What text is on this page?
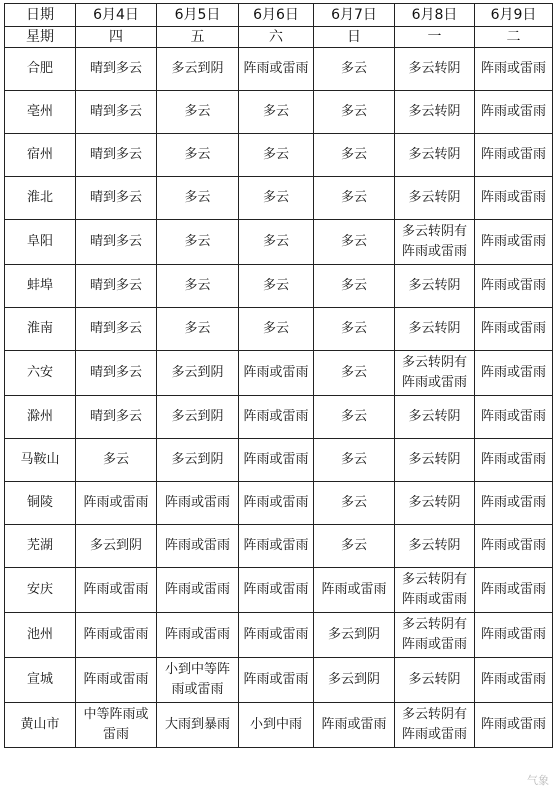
日期	6月4日	6月5日	6月6日	6月7日	6月8日	6月9日
星期	四	五	六	日	一	二
合肥	晴到多云	多云到阴	阵雨或雷雨	多云	多云转阴	阵雨或雷雨
亳州	晴到多云	多云	多云	多云	多云转阴	阵雨或雷雨
宿州	晴到多云	多云	多云	多云	多云转阴	阵雨或雷雨
淮北	晴到多云	多云	多云	多云	多云转阴	阵雨或雷雨
阜阳	晴到多云	多云	多云	多云	多云转阴有阵雨或雷雨	阵雨或雷雨
蚌埠	晴到多云	多云	多云	多云	多云转阴	阵雨或雷雨
淮南	晴到多云	多云	多云	多云	多云转阴	阵雨或雷雨
六安	晴到多云	多云到阴	阵雨或雷雨	多云	多云转阴有阵雨或雷雨	阵雨或雷雨
滁州	晴到多云	多云到阴	阵雨或雷雨	多云	多云转阴	阵雨或雷雨
马鞍山	多云	多云到阴	阵雨或雷雨	多云	多云转阴	阵雨或雷雨
铜陵	阵雨或雷雨	阵雨或雷雨	阵雨或雷雨	多云	多云转阴	阵雨或雷雨
芜湖	多云到阴	阵雨或雷雨	阵雨或雷雨	多云	多云转阴	阵雨或雷雨
安庆	阵雨或雷雨	阵雨或雷雨	阵雨或雷雨	阵雨或雷雨	多云转阴有阵雨或雷雨	阵雨或雷雨
池州	阵雨或雷雨	阵雨或雷雨	阵雨或雷雨	多云到阴	多云转阴有阵雨或雷雨	阵雨或雷雨
宣城	阵雨或雷雨	小到中等阵雨或雷雨	阵雨或雷雨	多云到阴	多云转阴	阵雨或雷雨
黄山市	中等阵雨或雷雨	大雨到暴雨	小到中雨	阵雨或雷雨	多云转阴有阵雨或雷雨	阵雨或雷雨
气象
